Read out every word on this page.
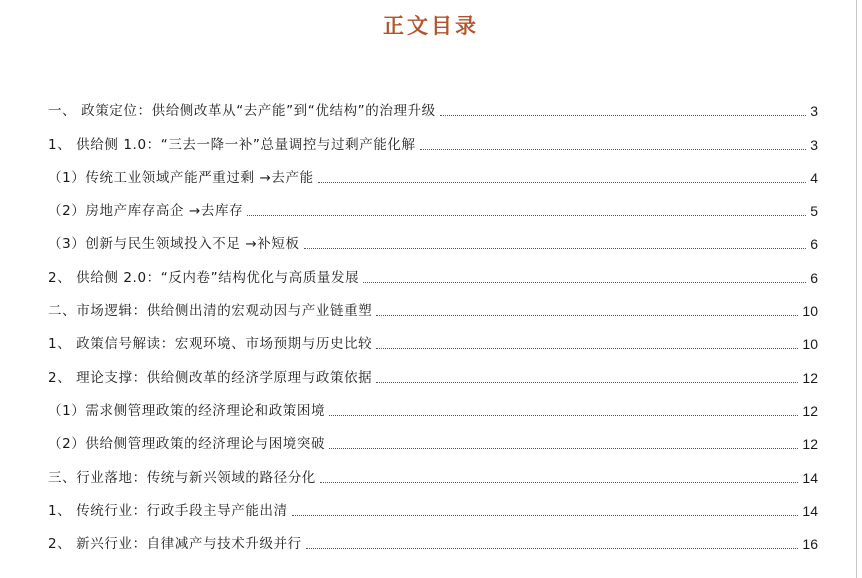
正文目录
一、 政策定位：供给侧改革从“去产能”到“优结构”的治理升级	3
1、 供给侧 1.0：“三去一降一补”总量调控与过剩产能化解	3
（1）传统工业领域产能严重过剩 →去产能	4
（2）房地产库存高企 →去库存	5
（3）创新与民生领域投入不足 →补短板	6
2、 供给侧 2.0：“反内卷”结构优化与高质量发展	6
二、市场逻辑：供给侧出清的宏观动因与产业链重塑	10
1、 政策信号解读：宏观环境、市场预期与历史比较	10
2、 理论支撑：供给侧改革的经济学原理与政策依据	12
（1）需求侧管理政策的经济理论和政策困境	12
（2）供给侧管理政策的经济理论与困境突破	12
三、行业落地：传统与新兴领域的路径分化	14
1、 传统行业：行政手段主导产能出清	14
2、 新兴行业：自律减产与技术升级并行	16
